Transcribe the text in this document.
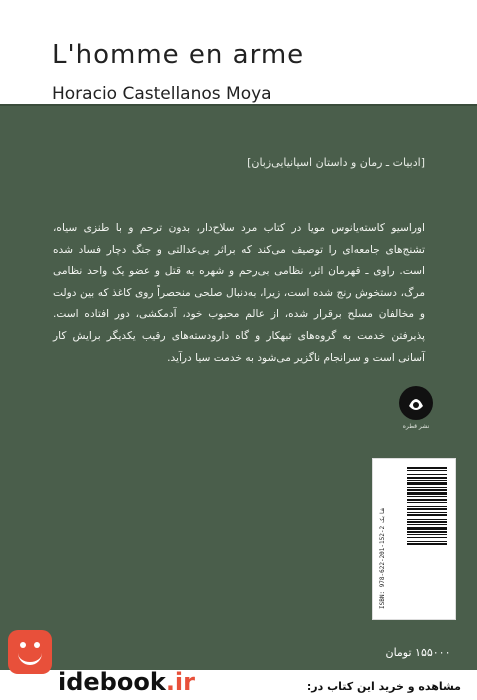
L'homme en arme
Horacio Castellanos Moya
[ادبیات ـ رمان و داستان اسپانیایی‌زبان]
اوراسیو کاسته‌یانوس مویا در کتاب مرد سلاح‌دار، بدون ترحم و با طنزی سیاه، تشنج‌های جامعه‌ای را توصیف می‌کند که براثر بی‌عدالتی و جنگ دچار فساد شده است. راوی ـ قهرمان اثر، نظامی بی‌رحم و شهره به قتل و عضو یک واحد نظامی مرگ، دستخوش رنج شده است، زیرا، به‌دنبال صلحی منحصراً روی کاغذ که بین دولت و مخالفان مسلح برقرار شده، از عالم محبوب خود، آدمکشی، دور افتاده است. پذیرفتن خدمت به گروه‌های تبهکار و گاه دارودسته‌های رقیب یکدیگر برایش کار آسانی است و سرانجام ناگزیر می‌شود به خدمت سیا درآید.
نشر قطره
ISBN: 978-622-201-152-2 شابک
۱۵۵۰۰۰ تومان
idebook.ir	مشاهده و خرید این کتاب در:
